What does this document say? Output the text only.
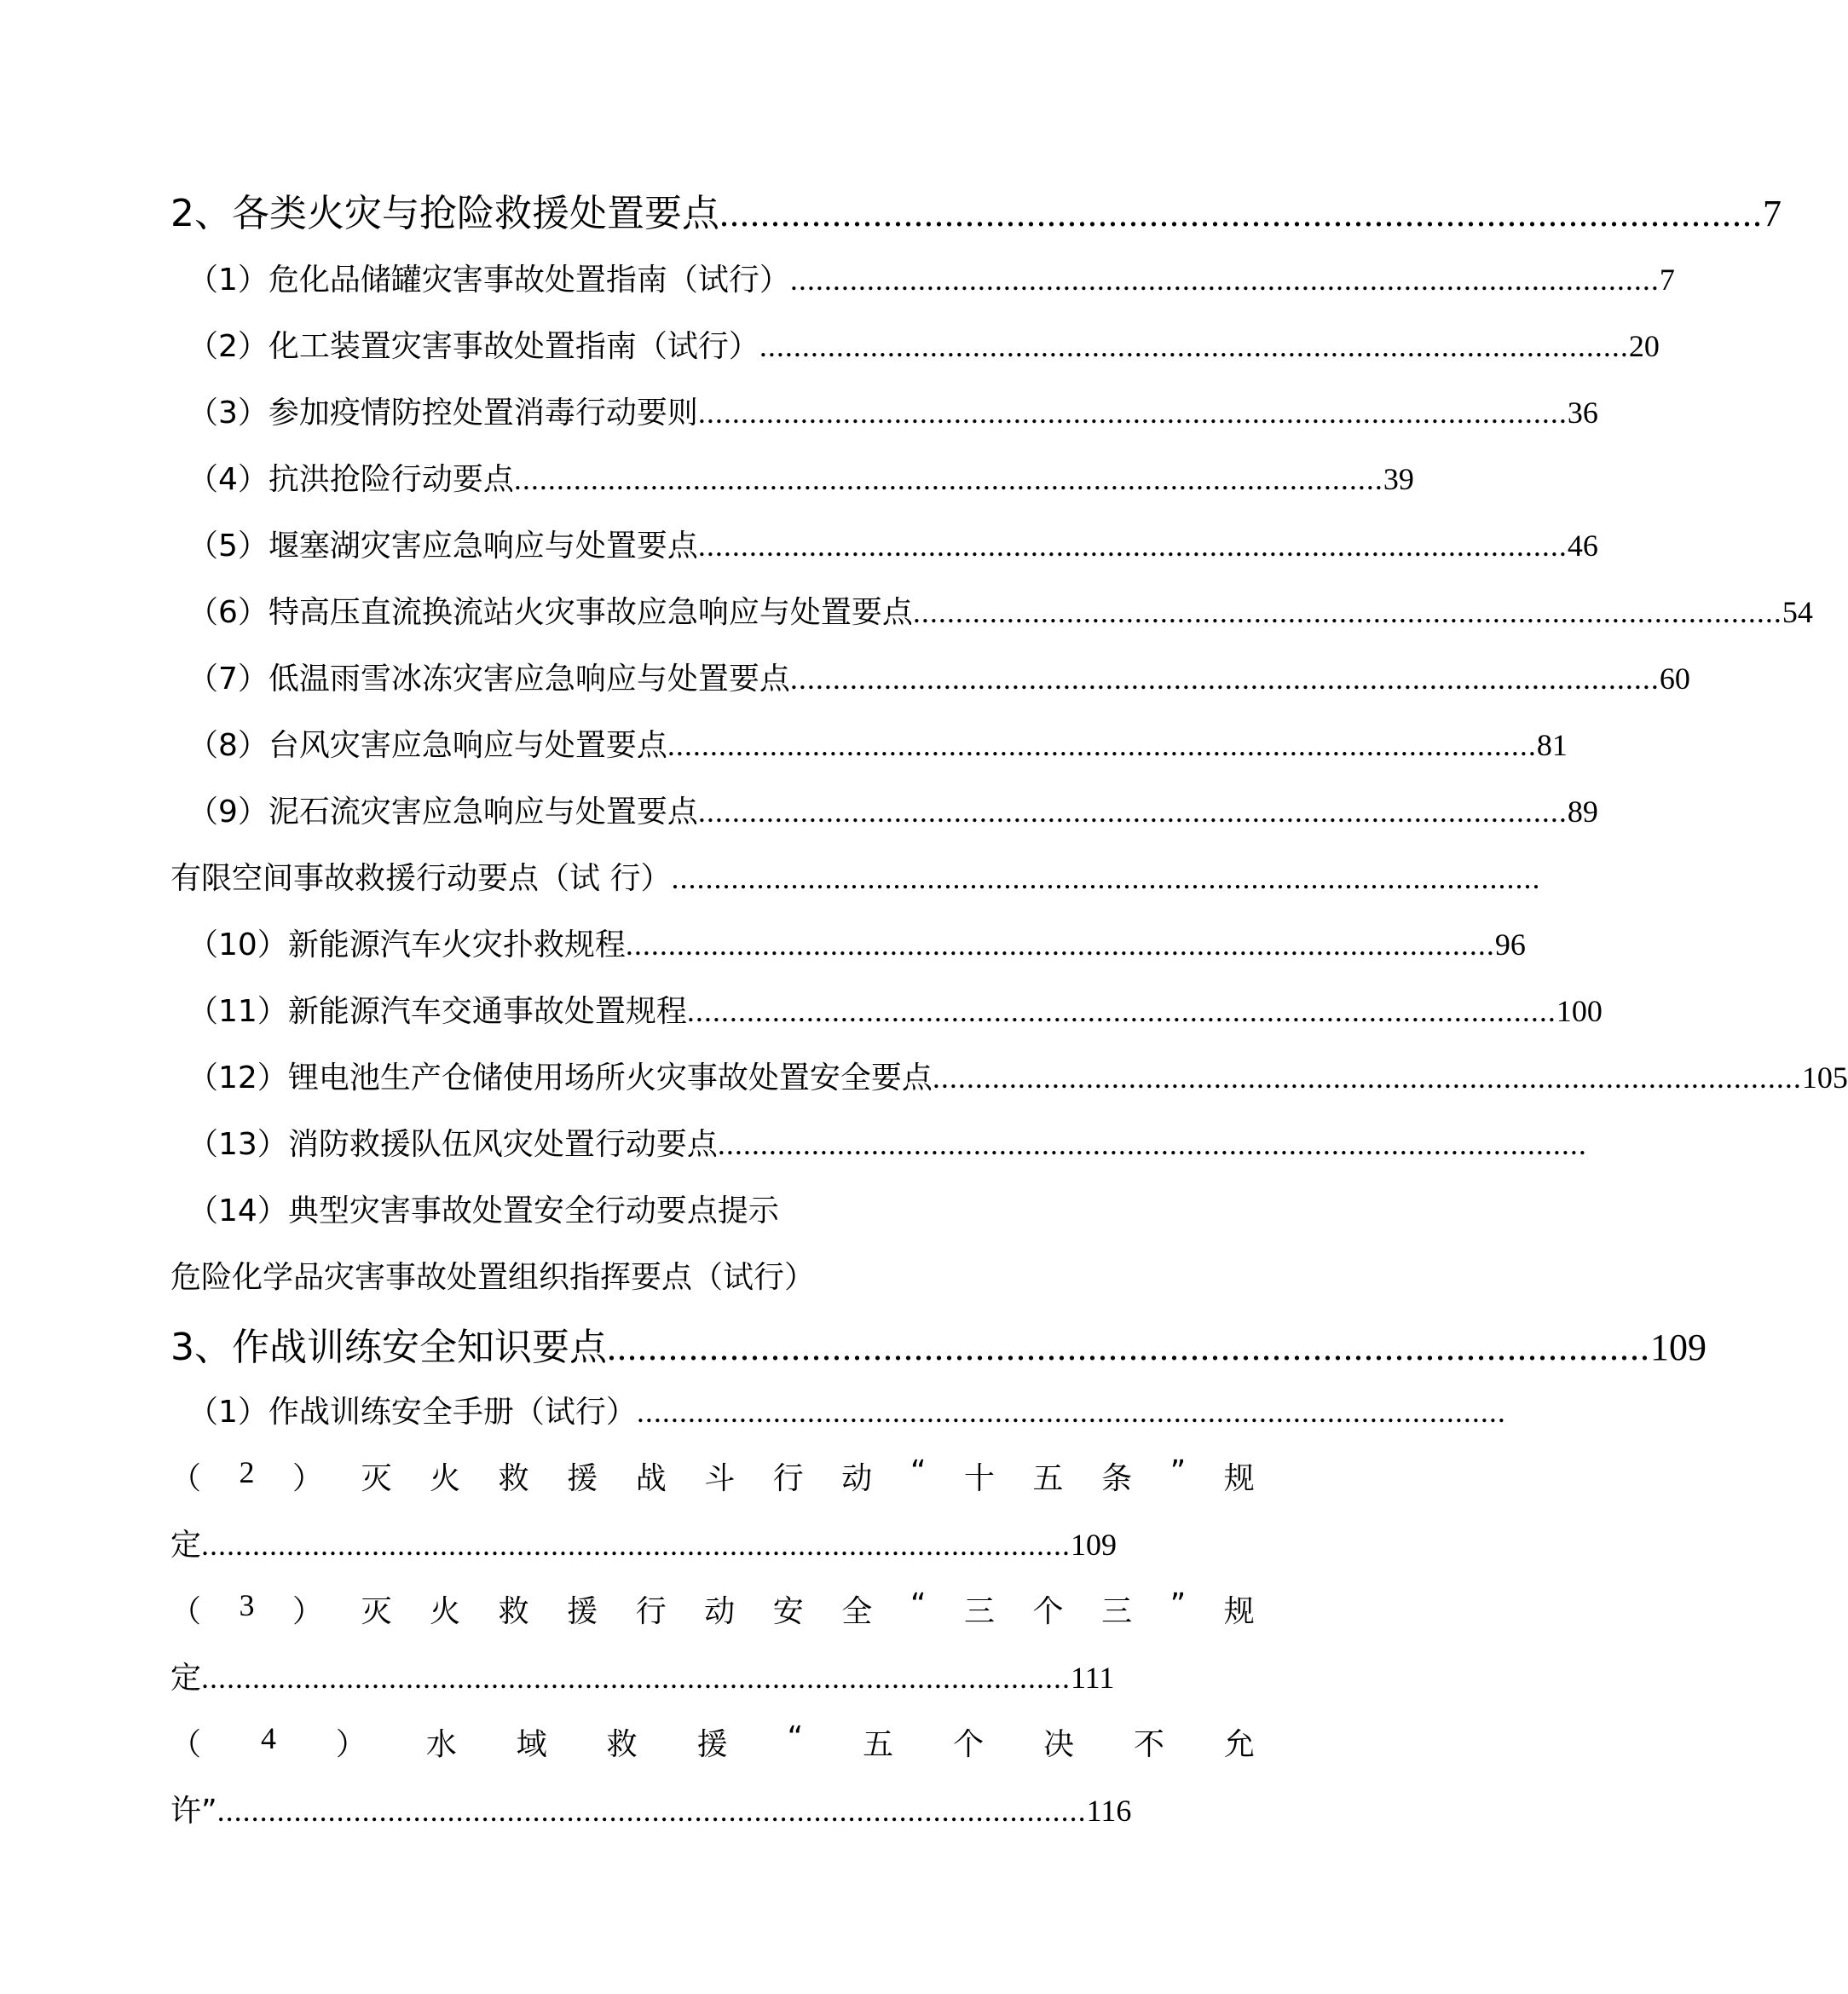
2、各类火灾与抢险救援处置要点 ...................................................................................................... 7
（1） 危化品储罐灾害事故处置指南（试行） ...................................................................................................... 7
（2） 化工装置灾害事故处置指南（试行） ...................................................................................................... 20
（3） 参加疫情防控处置消毒行动要则 ...................................................................................................... 36
（4） 抗洪抢险行动要点 ...................................................................................................... 39
（5） 堰塞湖灾害应急响应与处置要点 ...................................................................................................... 46
（6） 特高压直流换流站火灾事故应急响应与处置要点 ...................................................................................................... 54
（7） 低温雨雪冰冻灾害应急响应与处置要点 ...................................................................................................... 60
（8） 台风灾害应急响应与处置要点 ...................................................................................................... 81
（9） 泥石流灾害应急响应与处置要点 ...................................................................................................... 89
有限空间事故救援行动要点（试 行） ......................................................................................................
（10） 新能源汽车火灾扑救规程 ...................................................................................................... 96
（11） 新能源汽车交通事故处置规程 ...................................................................................................... 100
（12） 锂电池生产仓储使用场所火灾事故处置安全要点 ...................................................................................................... 105
（13） 消防救援队伍风灾处置行动要点 ......................................................................................................
（14） 典型灾害事故处置安全行动要点提示
危险化学品灾害事故处置组织指挥要点（试行）
3、作战训练安全知识要点 ...................................................................................................... 109
（1） 作战训练安全手册（试行） ......................................................................................................
（ 2 ） 灭 火 救 援 战 斗 行 动 “ 十 五 条 ” 规
定 ...................................................................................................... 109
（ 3 ） 灭 火 救 援 行 动 安 全 “ 三 个 三 ” 规
定 ...................................................................................................... 111
（ 4 ） 水 域 救 援 “ 五 个 决 不 允
许” ...................................................................................................... 116
